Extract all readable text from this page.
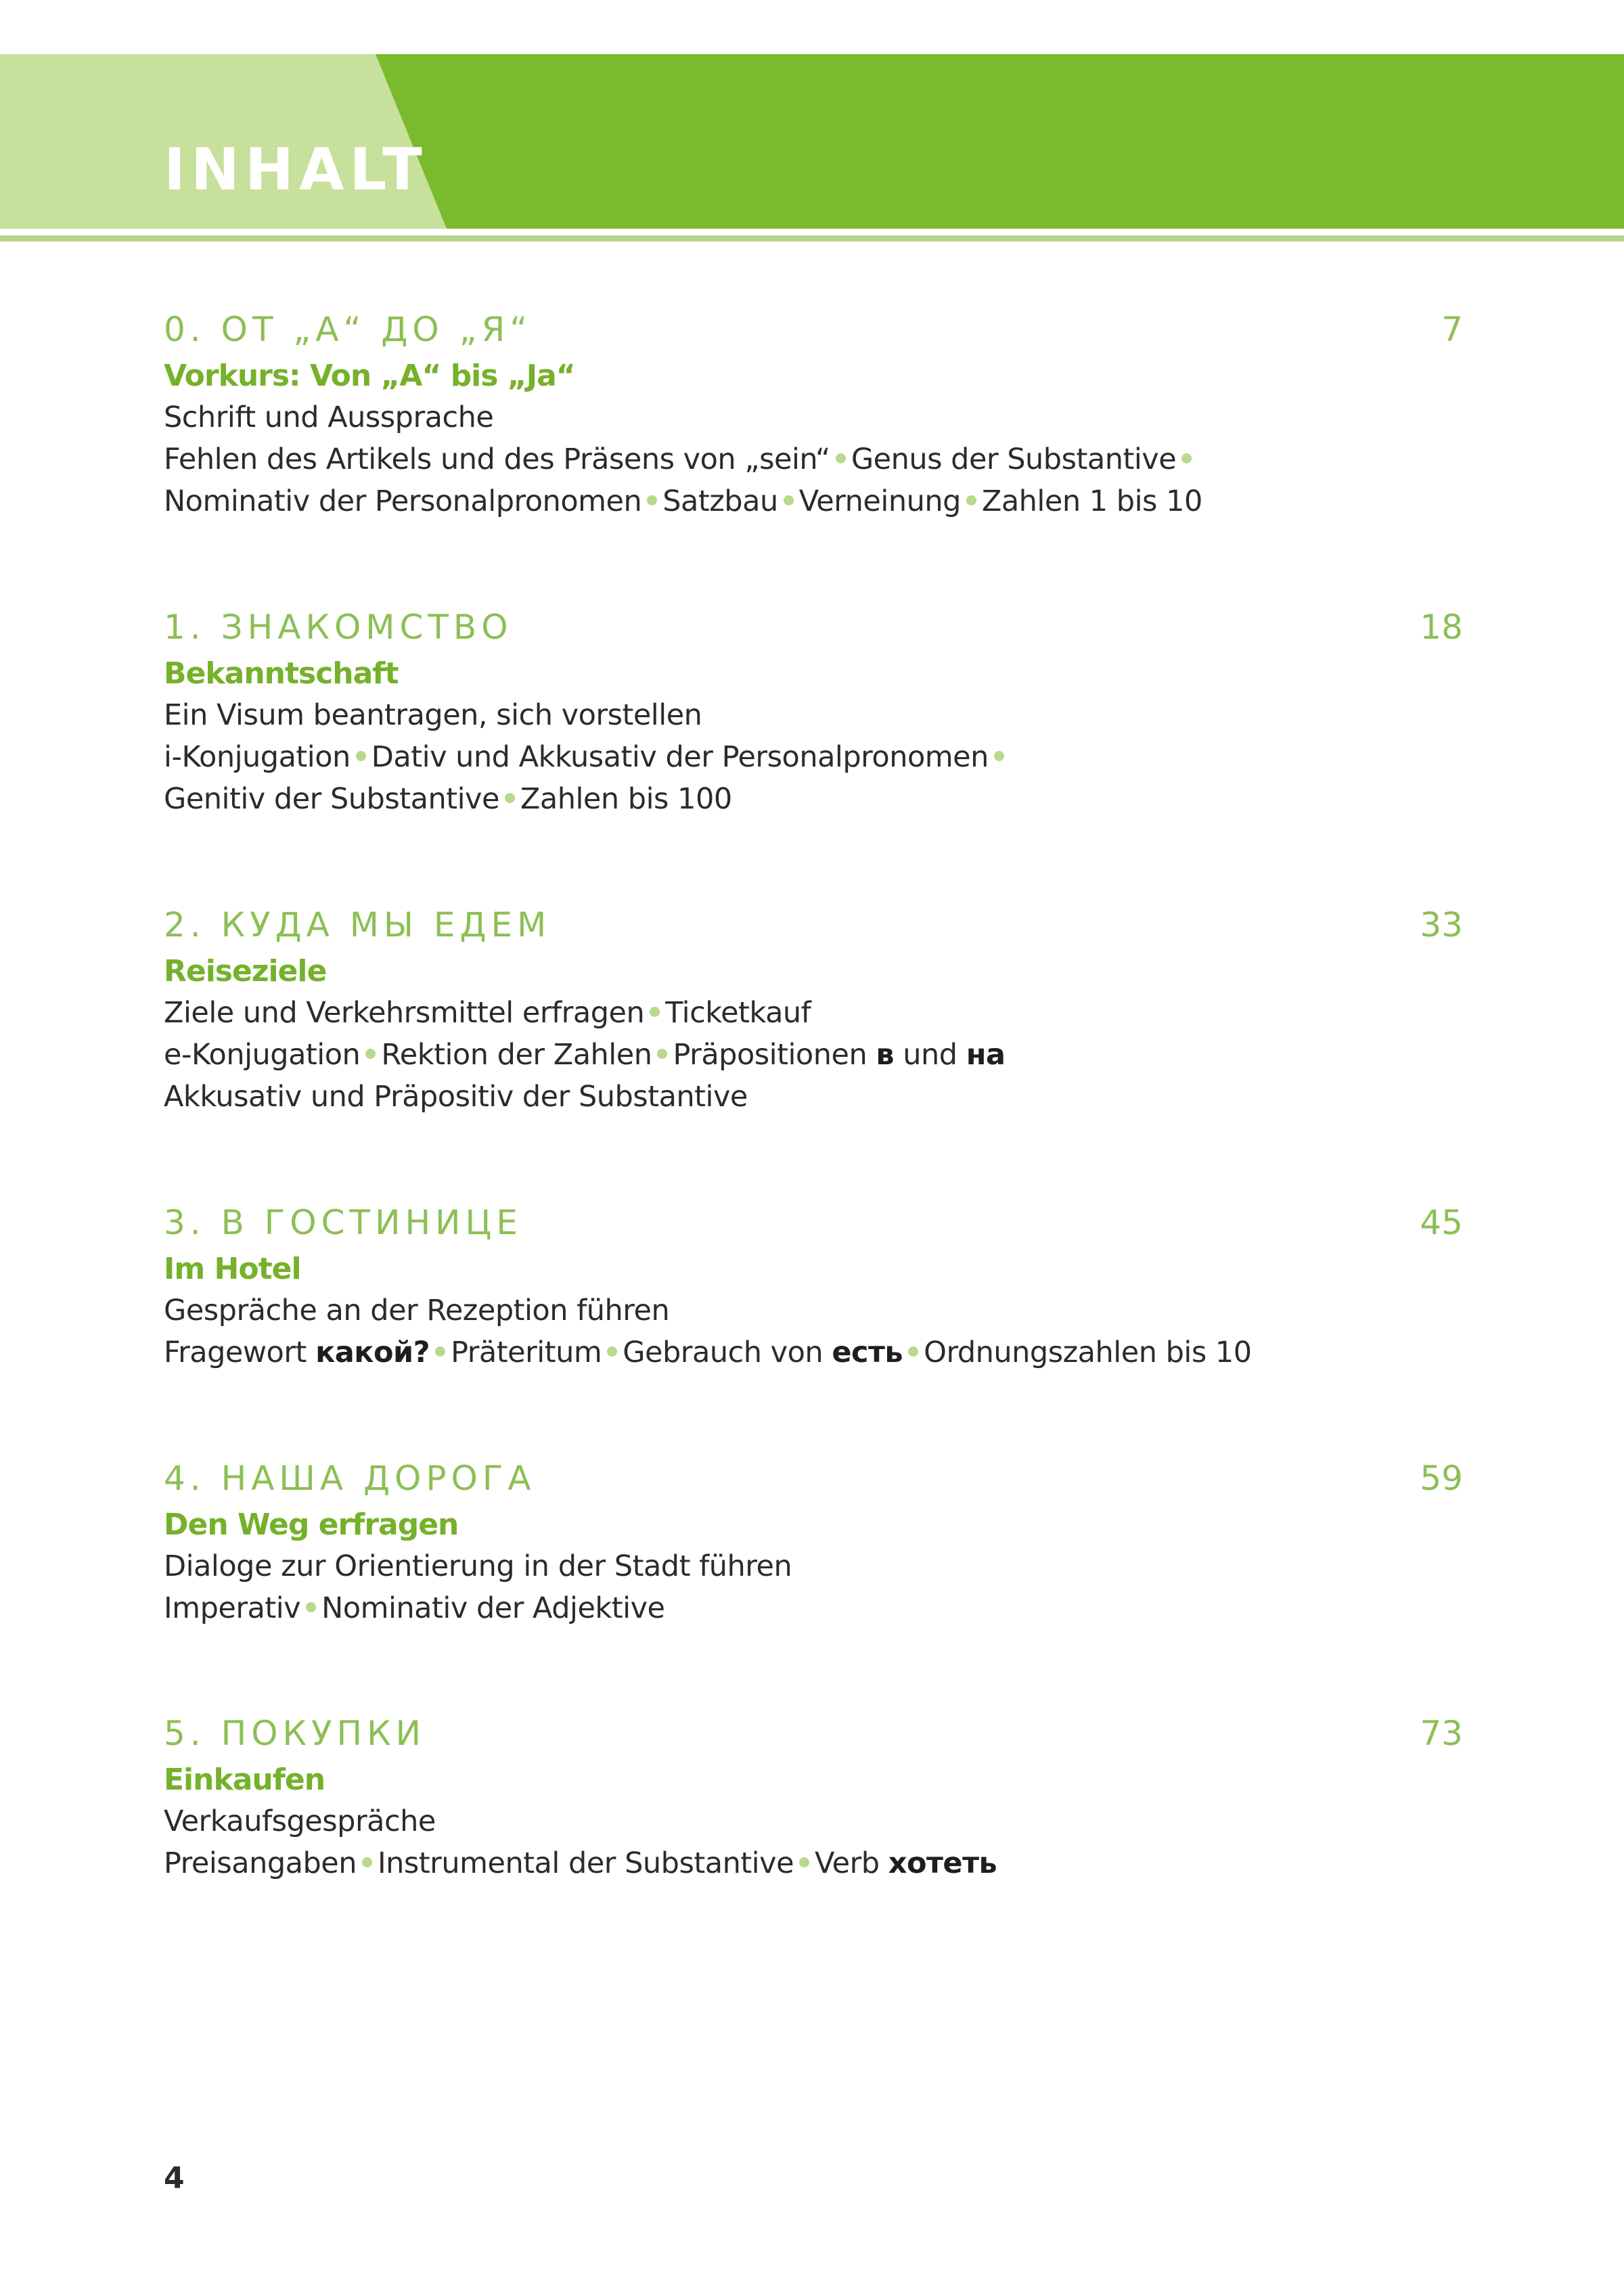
INHALT
0. ОТ „А“ ДО „Я“	7
Vorkurs: Von „A“ bis „Ja“
Schrift und Aussprache
Fehlen des Artikels und des Präsens von „sein“ Genus der Substantive
Nominativ der Personalpronomen Satzbau Verneinung Zahlen 1 bis 10
1. ЗНАКОМСТВО	18
Bekanntschaft
Ein Visum beantragen, sich vorstellen
i-Konjugation Dativ und Akkusativ der Personalpronomen
Genitiv der Substantive Zahlen bis 100
2. КУДА МЫ ЕДЕМ	33
Reiseziele
Ziele und Verkehrsmittel erfragen Ticketkauf
e-Konjugation Rektion der Zahlen Präpositionen в und на
Akkusativ und Präpositiv der Substantive
3. В ГОСТИНИЦЕ	45
Im Hotel
Gespräche an der Rezeption führen
Fragewort какой? Präteritum Gebrauch von есть Ordnungszahlen bis 10
4. НАША ДОРОГА	59
Den Weg erfragen
Dialoge zur Orientierung in der Stadt führen
Imperativ Nominativ der Adjektive
5. ПОКУПКИ	73
Einkaufen
Verkaufsgespräche
Preisangaben Instrumental der Substantive Verb хотеть
4
